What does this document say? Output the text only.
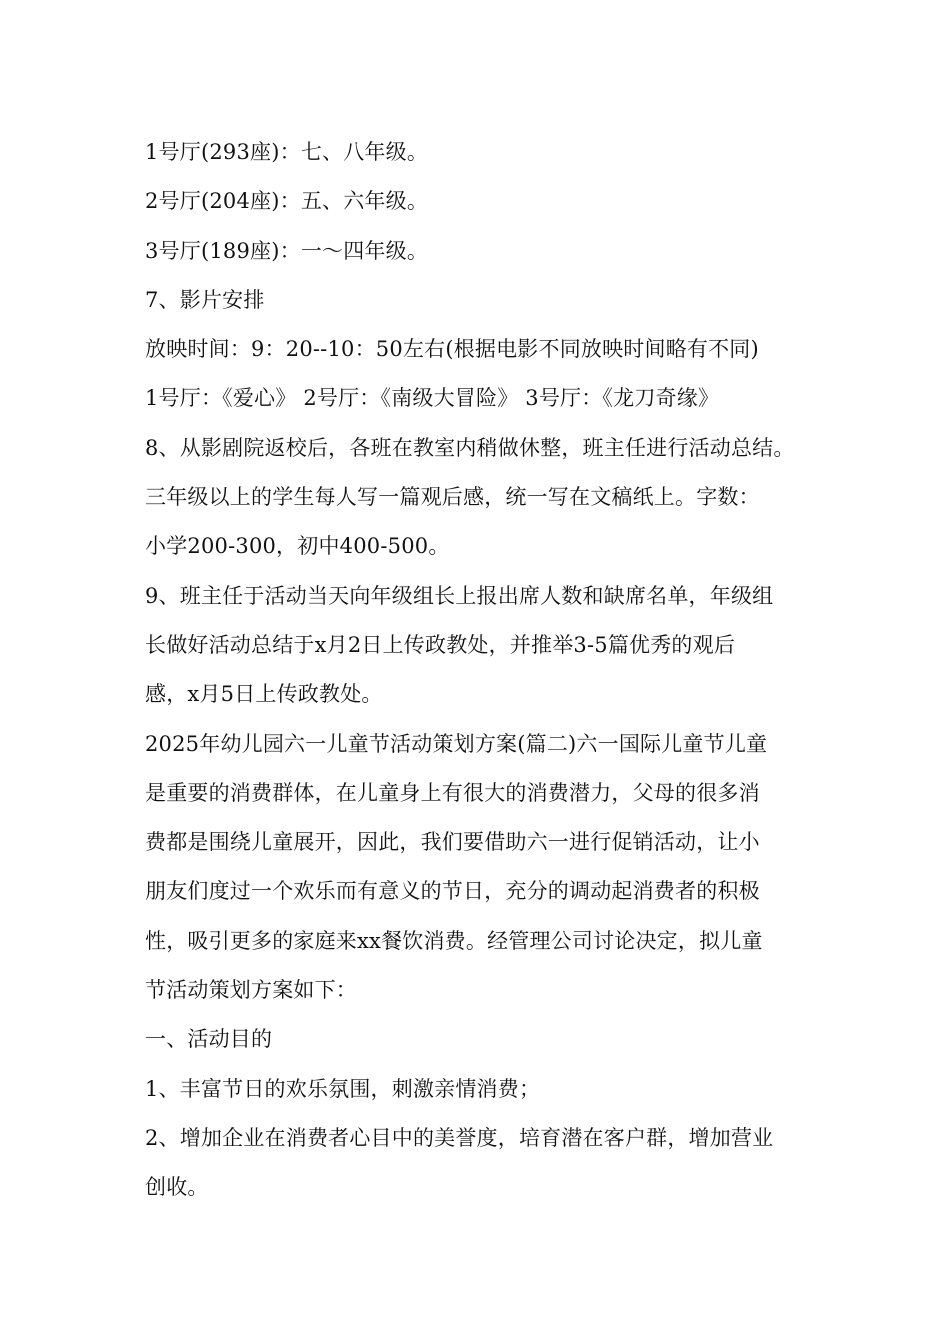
1号厅(293座)：七、八年级。

2号厅(204座)：五、六年级。

3号厅(189座)：一～四年级。

7、影片安排

放映时间：9：20--10：50左右(根据电影不同放映时间略有不同)

1号厅：《爱心》 2号厅：《南级大冒险》 3号厅：《龙刀奇缘》

8、从影剧院返校后，各班在教室内稍做休整，班主任进行活动总结。

三年级以上的学生每人写一篇观后感，统一写在文稿纸上。字数：

小学200-300，初中400-500。

9、班主任于活动当天向年级组长上报出席人数和缺席名单，年级组

长做好活动总结于x月2日上传政教处，并推举3-5篇优秀的观后

感，x月5日上传政教处。

2025年幼儿园六一儿童节活动策划方案(篇二)六一国际儿童节儿童

是重要的消费群体，在儿童身上有很大的消费潜力，父母的很多消

费都是围绕儿童展开，因此，我们要借助六一进行促销活动，让小

朋友们度过一个欢乐而有意义的节日，充分的调动起消费者的积极

性，吸引更多的家庭来xx餐饮消费。经管理公司讨论决定，拟儿童

节活动策划方案如下：

一、活动目的

1、丰富节日的欢乐氛围，刺激亲情消费；

2、增加企业在消费者心目中的美誉度，培育潜在客户群，增加营业

创收。
